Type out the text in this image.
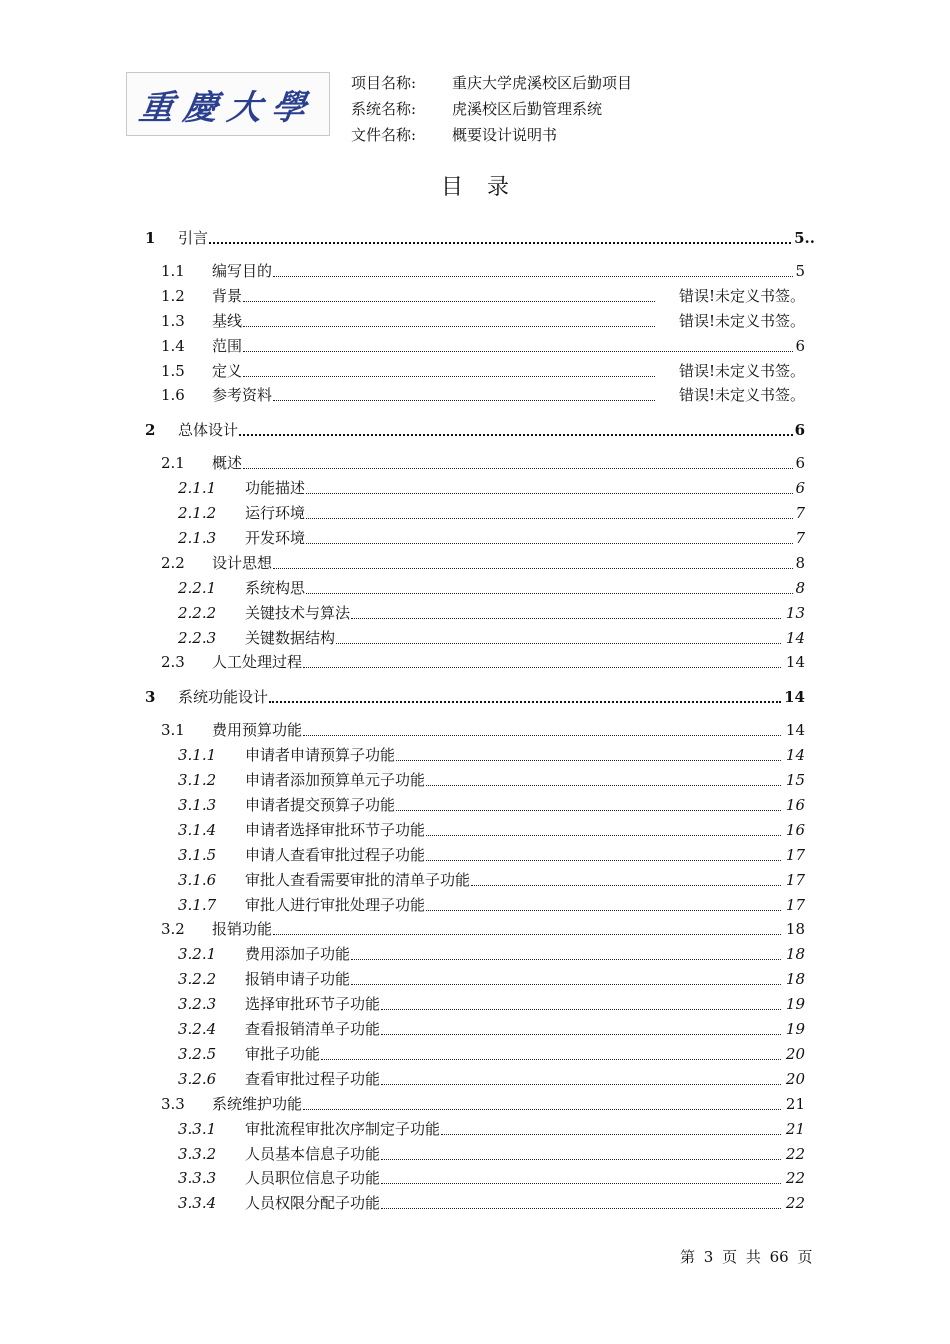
重慶大學
项目名称:	重庆大学虎溪校区后勤项目
系统名称:	虎溪校区后勤管理系统
文件名称:	概要设计说明书
目录
1 引言	5..
1.1 编写目的	5
1.2 背景	错误!未定义书签。
1.3 基线	错误!未定义书签。
1.4 范围	6
1.5 定义	错误!未定义书签。
1.6 参考资料	错误!未定义书签。
2 总体设计	6
2.1 概述	6
2.1.1 功能描述	6
2.1.2 运行环境	7
2.1.3 开发环境	7
2.2 设计思想	8
2.2.1 系统构思	8
2.2.2 关键技术与算法	13
2.2.3 关键数据结构	14
2.3 人工处理过程	14
3 系统功能设计	14
3.1 费用预算功能	14
3.1.1 申请者申请预算子功能	14
3.1.2 申请者添加预算单元子功能	15
3.1.3 申请者提交预算子功能	16
3.1.4 申请者选择审批环节子功能	16
3.1.5 申请人查看审批过程子功能	17
3.1.6 审批人查看需要审批的清单子功能	17
3.1.7 审批人进行审批处理子功能	17
3.2 报销功能	18
3.2.1 费用添加子功能	18
3.2.2 报销申请子功能	18
3.2.3 选择审批环节子功能	19
3.2.4 查看报销清单子功能	19
3.2.5 审批子功能	20
3.2.6 查看审批过程子功能	20
3.3 系统维护功能	21
3.3.1 审批流程审批次序制定子功能	21
3.3.2 人员基本信息子功能	22
3.3.3 人员职位信息子功能	22
3.3.4 人员权限分配子功能	22
第 3 页 共 66 页
